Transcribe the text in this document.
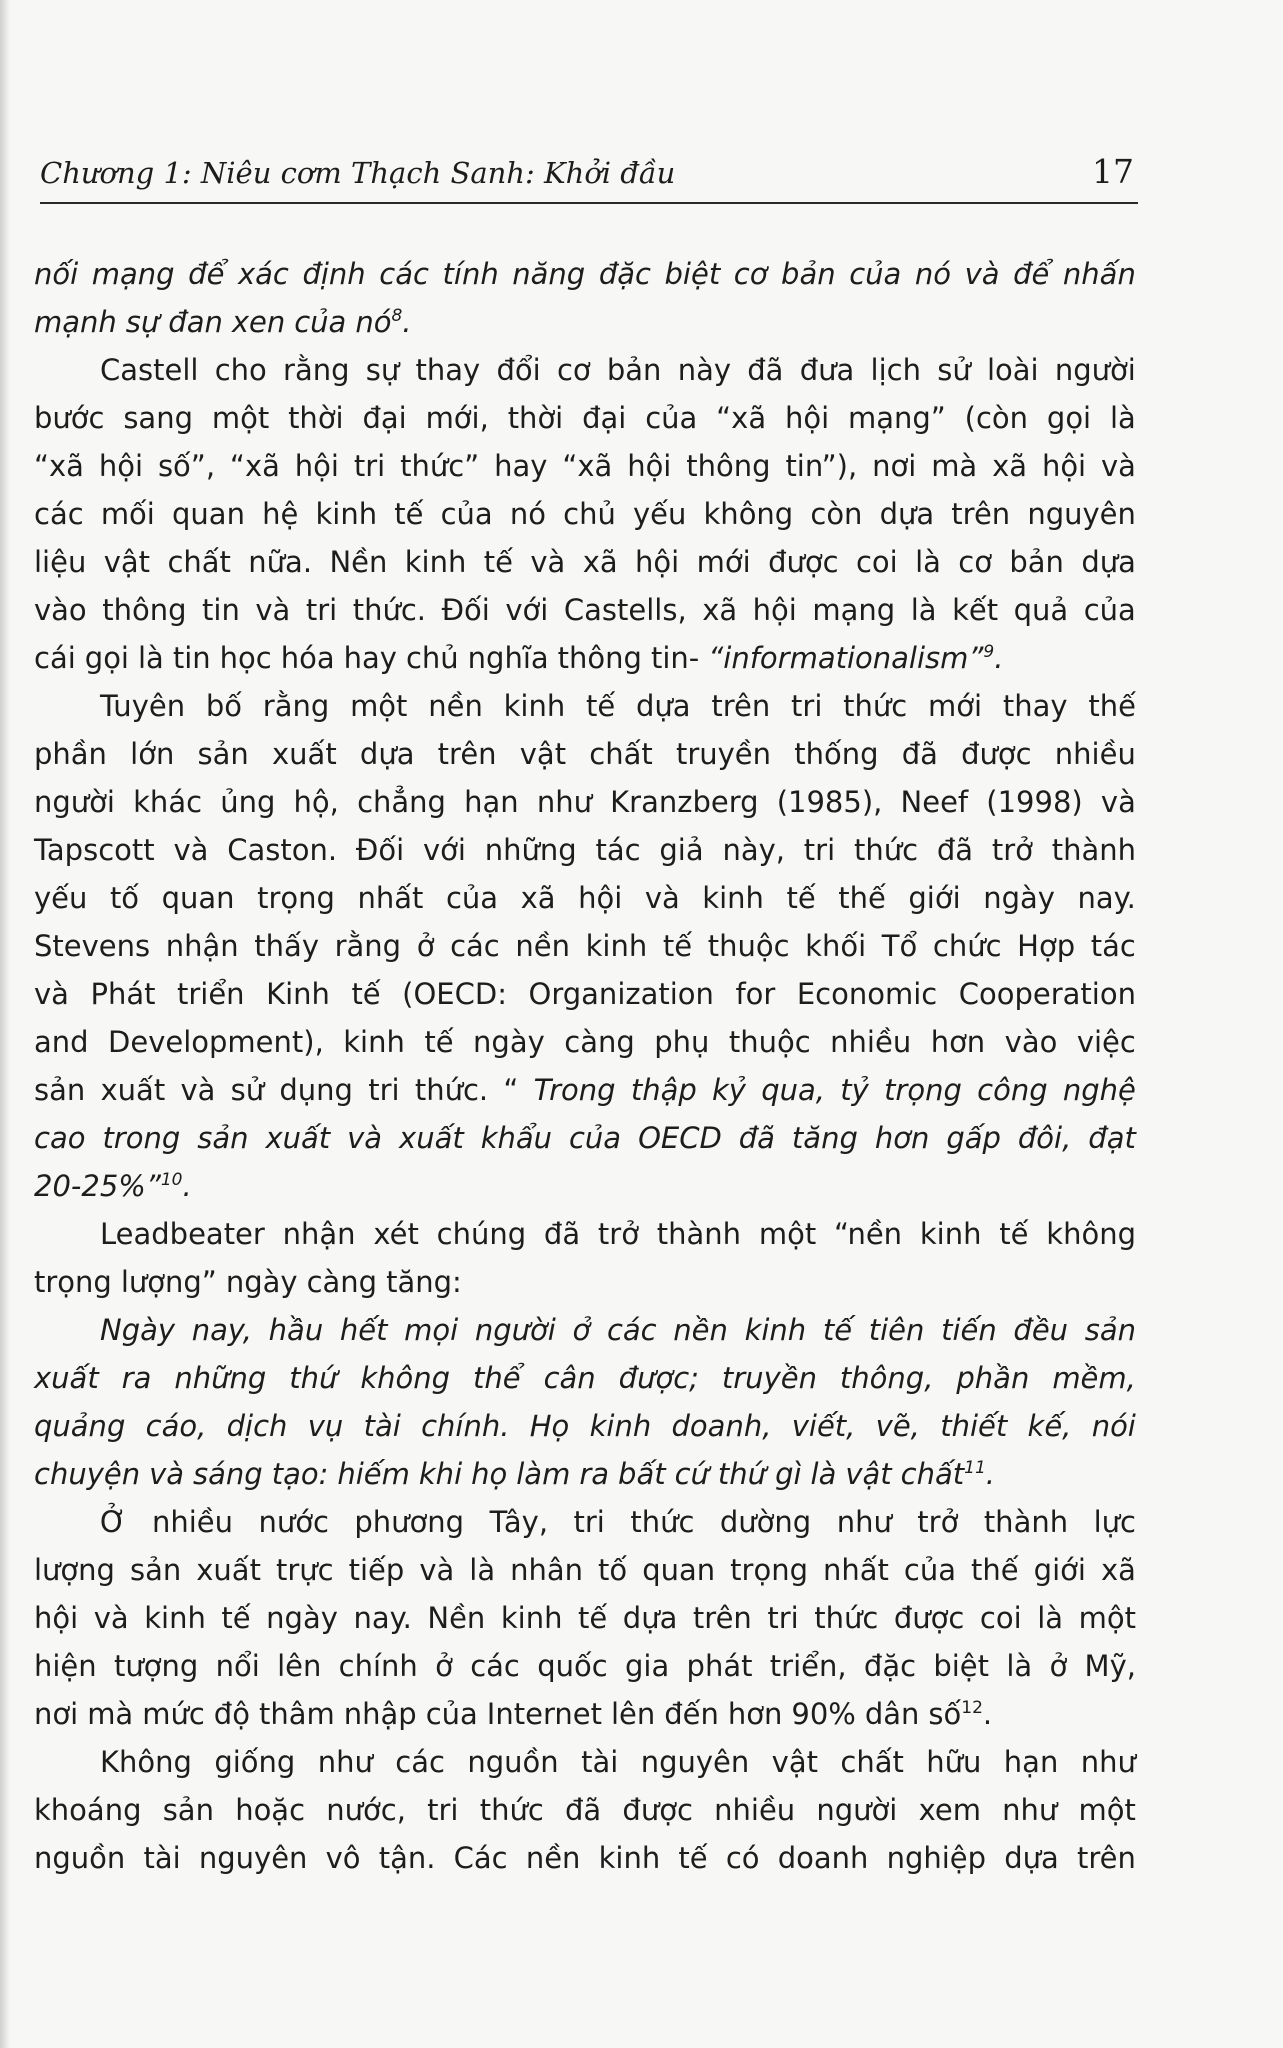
Chương 1: Niêu cơm Thạch Sanh: Khởi đầu	17
nối mạng để xác định các tính năng đặc biệt cơ bản của nó và để nhấn
mạnh sự đan xen của $nó^8$.
Castell cho rằng sự thay đổi cơ bản này đã đưa lịch sử loài người
bước sang một thời đại mới, thời đại của “xã hội mạng” (còn gọi là
“xã hội số”, “xã hội tri thức” hay “xã hội thông tin”), nơi mà xã hội và
các mối quan hệ kinh tế của nó chủ yếu không còn dựa trên nguyên
liệu vật chất nữa. Nền kinh tế và xã hội mới được coi là cơ bản dựa
vào thông tin và tri thức. Đối với Castells, xã hội mạng là kết quả của
cái gọi là tin học hóa hay chủ nghĩa thông tin- “informationalism”$^9$.
Tuyên bố rằng một nền kinh tế dựa trên tri thức mới thay thế
phần lớn sản xuất dựa trên vật chất truyền thống đã được nhiều
người khác ủng hộ, chẳng hạn như Kranzberg (1985), Neef (1998) và
Tapscott và Caston. Đối với những tác giả này, tri thức đã trở thành
yếu tố quan trọng nhất của xã hội và kinh tế thế giới ngày nay.
Stevens nhận thấy rằng ở các nền kinh tế thuộc khối Tổ chức Hợp tác
và Phát triển Kinh tế (OECD: Organization for Economic Cooperation
and Development), kinh tế ngày càng phụ thuộc nhiều hơn vào việc
sản xuất và sử dụng tri thức. “ Trong thập kỷ qua, tỷ trọng công nghệ
cao trong sản xuất và xuất khẩu của OECD đã tăng hơn gấp đôi, đạt
20-25%”$^{10}$.
Leadbeater nhận xét chúng đã trở thành một “nền kinh tế không
trọng lượng” ngày càng tăng:
Ngày nay, hầu hết mọi người ở các nền kinh tế tiên tiến đều sản
xuất ra những thứ không thể cân được; truyền thông, phần mềm,
quảng cáo, dịch vụ tài chính. Họ kinh doanh, viết, vẽ, thiết kế, nói
chuyện và sáng tạo: hiếm khi họ làm ra bất cứ thứ gì là vật chất$^{11}$.
Ở nhiều nước phương Tây, tri thức dường như trở thành lực
lượng sản xuất trực tiếp và là nhân tố quan trọng nhất của thế giới xã
hội và kinh tế ngày nay. Nền kinh tế dựa trên tri thức được coi là một
hiện tượng nổi lên chính ở các quốc gia phát triển, đặc biệt là ở Mỹ,
nơi mà mức độ thâm nhập của Internet lên đến hơn 90% dân số$^{12}$.
Không giống như các nguồn tài nguyên vật chất hữu hạn như
khoáng sản hoặc nước, tri thức đã được nhiều người xem như một
nguồn tài nguyên vô tận. Các nền kinh tế có doanh nghiệp dựa trên
